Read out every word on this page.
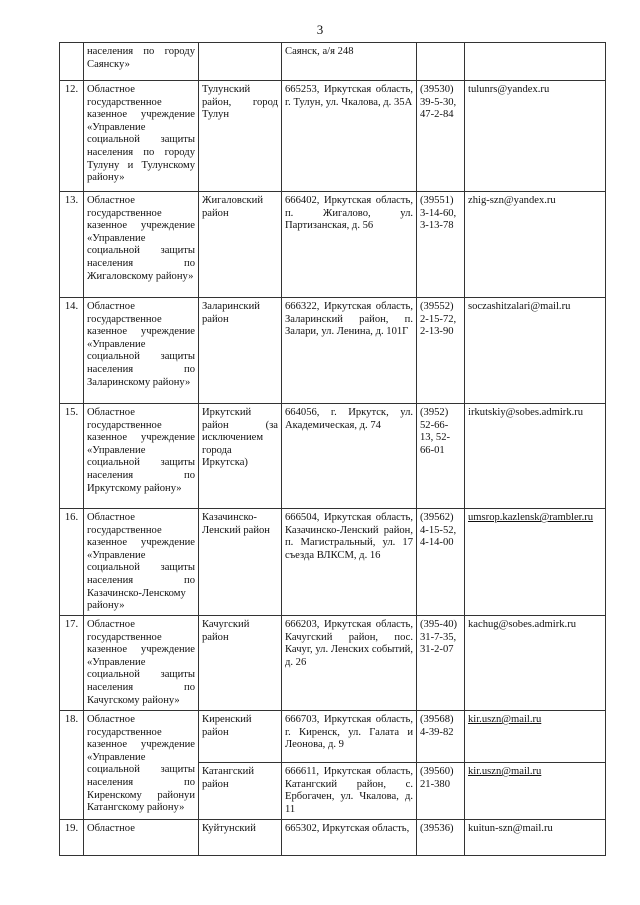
3
	населения по городу Саянску»		Саянск, а/я 248		
12.	Областное государственное казенное учреждение «Управление социальной защиты населения по городу Тулуну и Тулунскому району»	Тулунский район, город Тулун	665253, Иркутская область, г. Тулун, ул. Чкалова, д. 35А	(39530) 39-5-30, 47-2-84	tulunrs@yandex.ru
13.	Областное государственное казенное учреждение «Управление социальной защиты населения по Жигаловскому району»	Жигаловский район	666402, Иркутская область, п. Жигалово, ул. Партизанская, д. 56	(39551) 3-14-60, 3-13-78	zhig-szn@yandex.ru
14.	Областное государственное казенное учреждение «Управление социальной защиты населения по Заларинскому району»	Заларинский район	666322, Иркутская область, Заларинский район, п. Залари, ул. Ленина, д. 101Г	(39552) 2-15-72, 2-13-90	soczashitzalari@mail.ru
15.	Областное государственное казенное учреждение «Управление социальной защиты населения по Иркутскому району»	Иркутский район (за исключением города Иркутска)	664056, г. Иркутск, ул. Академическая, д. 74	(3952) 52-66-13, 52-66-01	irkutskiy@sobes.admirk.ru
16.	Областное государственное казенное учреждение «Управление социальной защиты населения по Казачинско-Ленскому району»	Казачинско-Ленский район	666504, Иркутская область, Казачинско-Ленский район, п. Магистральный, ул. 17 съезда ВЛКСМ, д. 16	(39562) 4-15-52, 4-14-00	umsrop.kazlensk@rambler.ru
17.	Областное государственное казенное учреждение «Управление социальной защиты населения по Качугскому району»	Качугский район	666203, Иркутская область, Качугский район, пос. Качуг, ул. Ленских событий, д. 26	(395-40) 31-7-35, 31-2-07	kachug@sobes.admirk.ru
18.	Областное государственное казенное учреждение «Управление социальной защиты населения по Киренскому районуи Катангскому району»	Киренский район	666703, Иркутская область, г. Киренск, ул. Галата и Леонова, д. 9	(39568) 4-39-82	kir.uszn@mail.ru
		Катангский район	666611, Иркутская область, Катангский район, с. Ербогачен, ул. Чкалова, д. 11	(39560) 21-380	kir.uszn@mail.ru
19.	Областное	Куйтунский	665302, Иркутская область,	(39536)	kuitun-szn@mail.ru
